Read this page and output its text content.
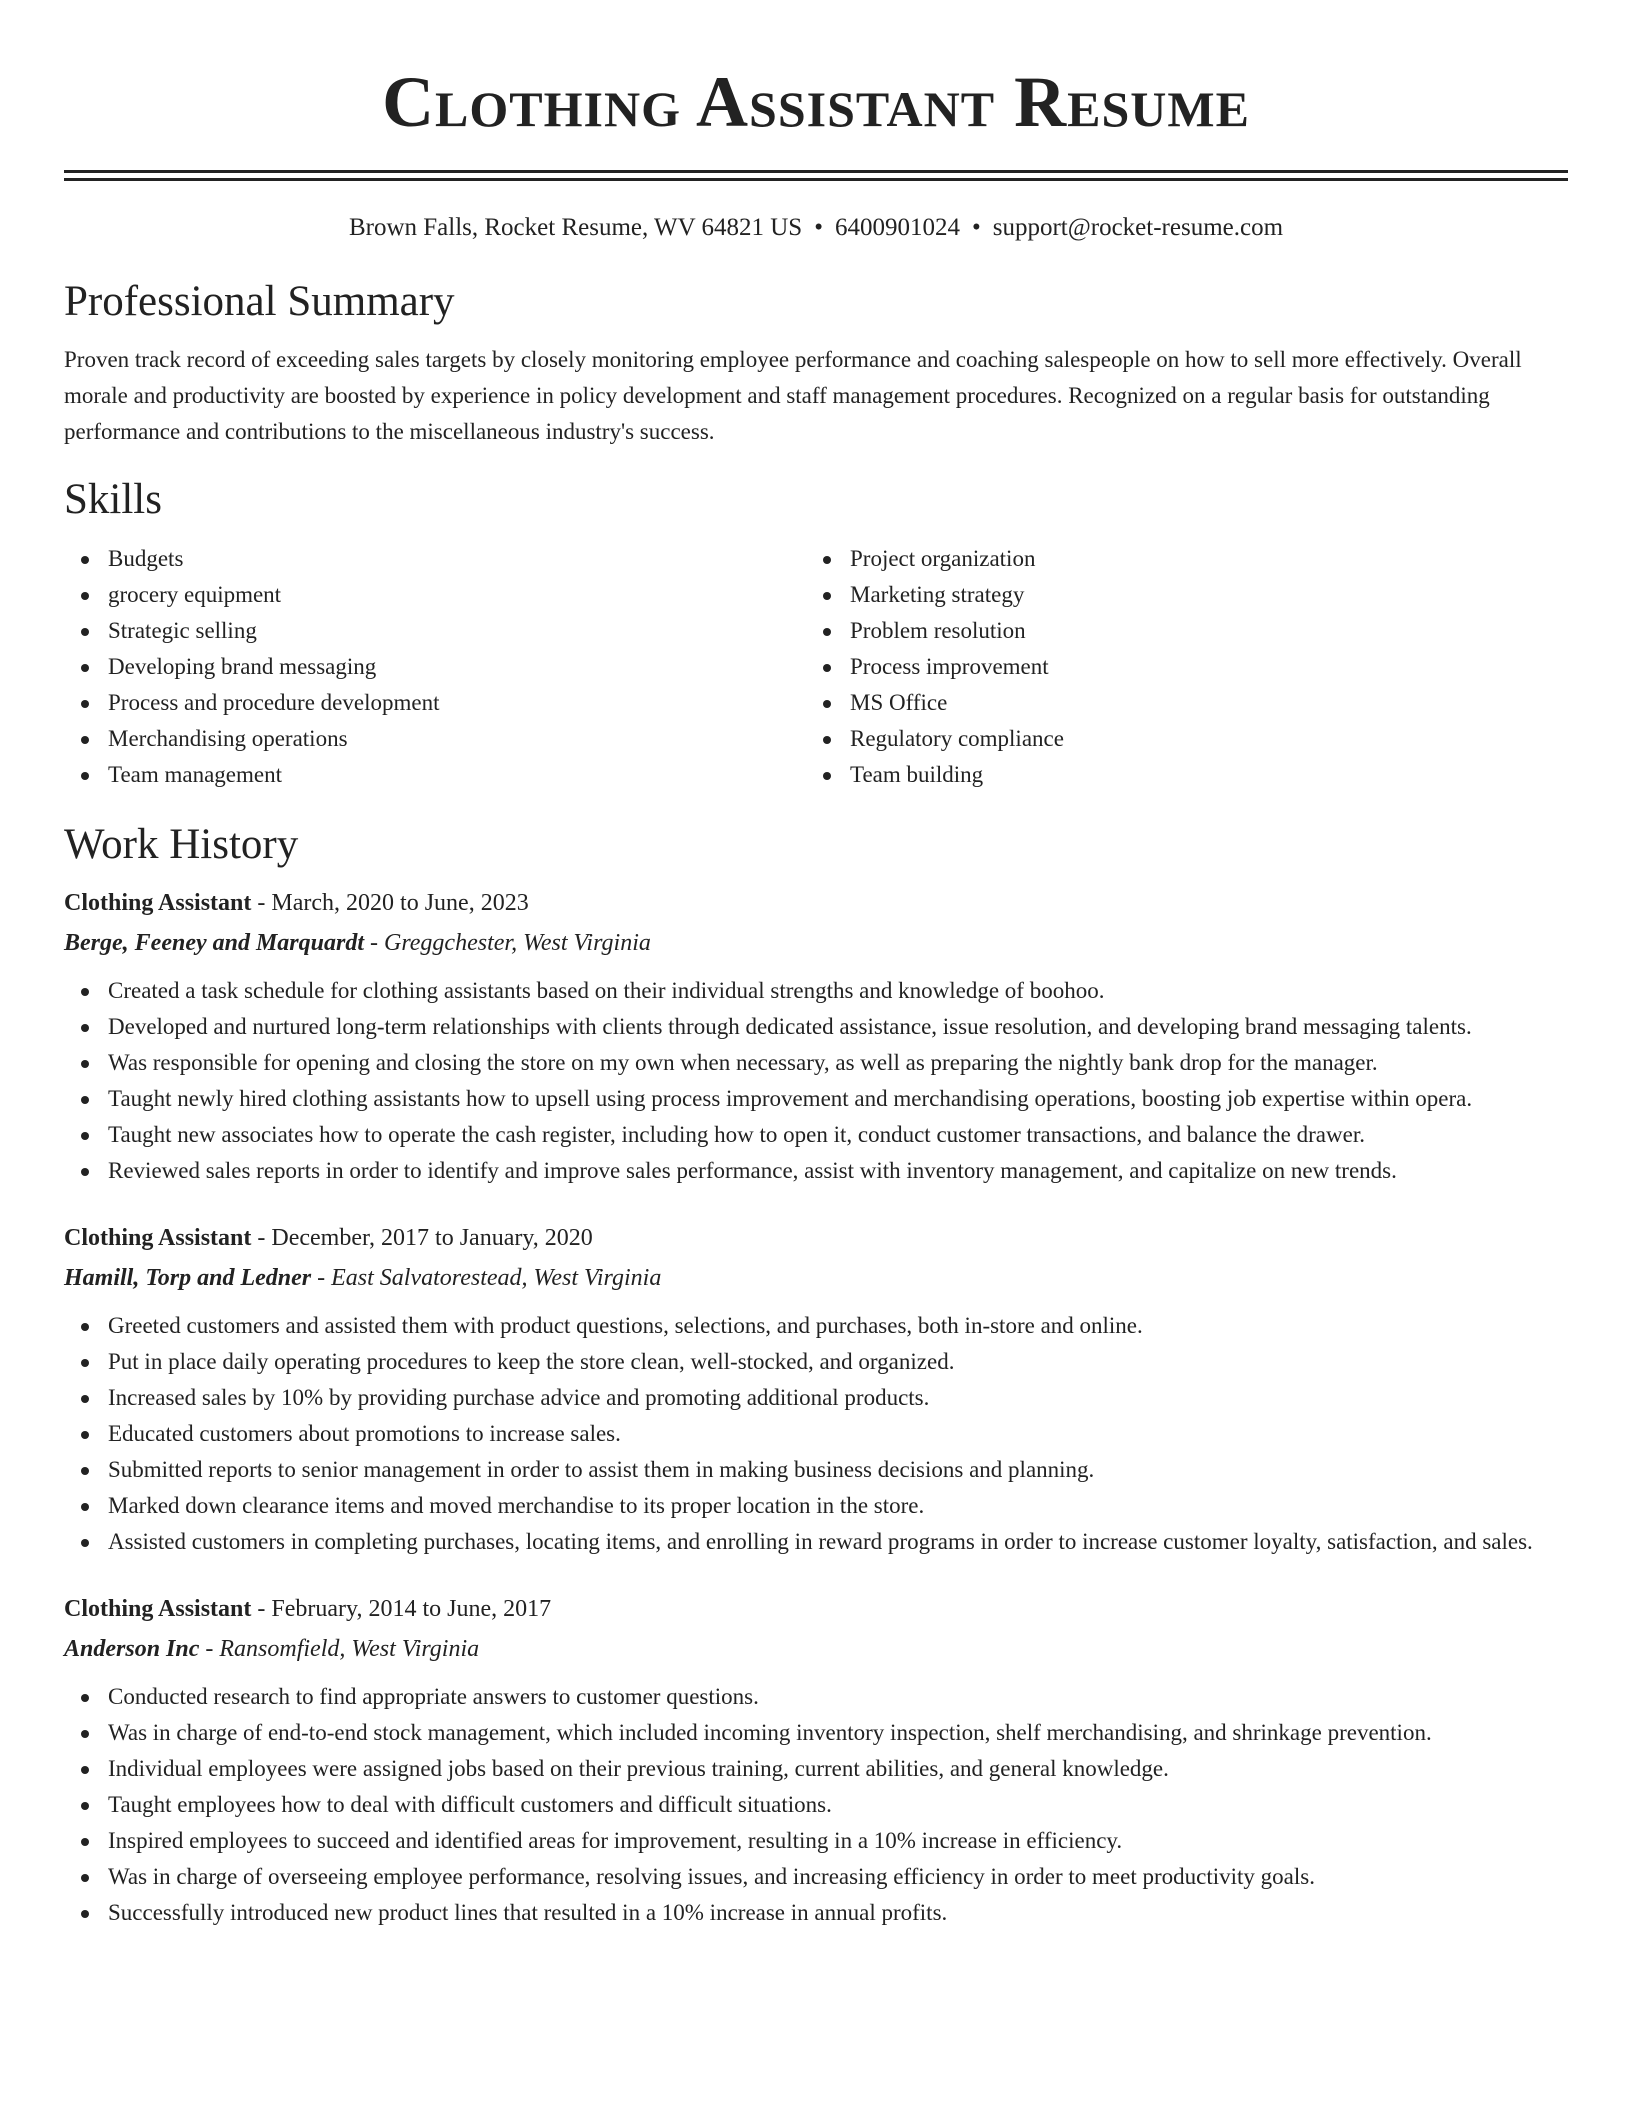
Clothing Assistant Resume
Brown Falls, Rocket Resume, WV 64821 US • 6400901024 • support@rocket-resume.com
Professional Summary

Proven track record of exceeding sales targets by closely monitoring employee performance and coaching salespeople on how to sell more effectively. Overall morale and productivity are boosted by experience in policy development and staff management procedures. Recognized on a regular basis for outstanding performance and contributions to the miscellaneous industry's success.

Skills
Budgets
grocery equipment
Strategic selling
Developing brand messaging
Process and procedure development
Merchandising operations
Team management
Project organization
Marketing strategy
Problem resolution
Process improvement
MS Office
Regulatory compliance
Team building
Work History

Clothing Assistant - March, 2020 to June, 2023

Berge, Feeney and Marquardt - Greggchester, West Virginia

Created a task schedule for clothing assistants based on their individual strengths and knowledge of boohoo.
Developed and nurtured long-term relationships with clients through dedicated assistance, issue resolution, and developing brand messaging talents.
Was responsible for opening and closing the store on my own when necessary, as well as preparing the nightly bank drop for the manager.
Taught newly hired clothing assistants how to upsell using process improvement and merchandising operations, boosting job expertise within opera.
Taught new associates how to operate the cash register, including how to open it, conduct customer transactions, and balance the drawer.
Reviewed sales reports in order to identify and improve sales performance, assist with inventory management, and capitalize on new trends.

Clothing Assistant - December, 2017 to January, 2020

Hamill, Torp and Ledner - East Salvatorestead, West Virginia

Greeted customers and assisted them with product questions, selections, and purchases, both in-store and online.
Put in place daily operating procedures to keep the store clean, well-stocked, and organized.
Increased sales by 10% by providing purchase advice and promoting additional products.
Educated customers about promotions to increase sales.
Submitted reports to senior management in order to assist them in making business decisions and planning.
Marked down clearance items and moved merchandise to its proper location in the store.
Assisted customers in completing purchases, locating items, and enrolling in reward programs in order to increase customer loyalty, satisfaction, and sales.

Clothing Assistant - February, 2014 to June, 2017

Anderson Inc - Ransomfield, West Virginia

Conducted research to find appropriate answers to customer questions.
Was in charge of end-to-end stock management, which included incoming inventory inspection, shelf merchandising, and shrinkage prevention.
Individual employees were assigned jobs based on their previous training, current abilities, and general knowledge.
Taught employees how to deal with difficult customers and difficult situations.
Inspired employees to succeed and identified areas for improvement, resulting in a 10% increase in efficiency.
Was in charge of overseeing employee performance, resolving issues, and increasing efficiency in order to meet productivity goals.
Successfully introduced new product lines that resulted in a 10% increase in annual profits.
